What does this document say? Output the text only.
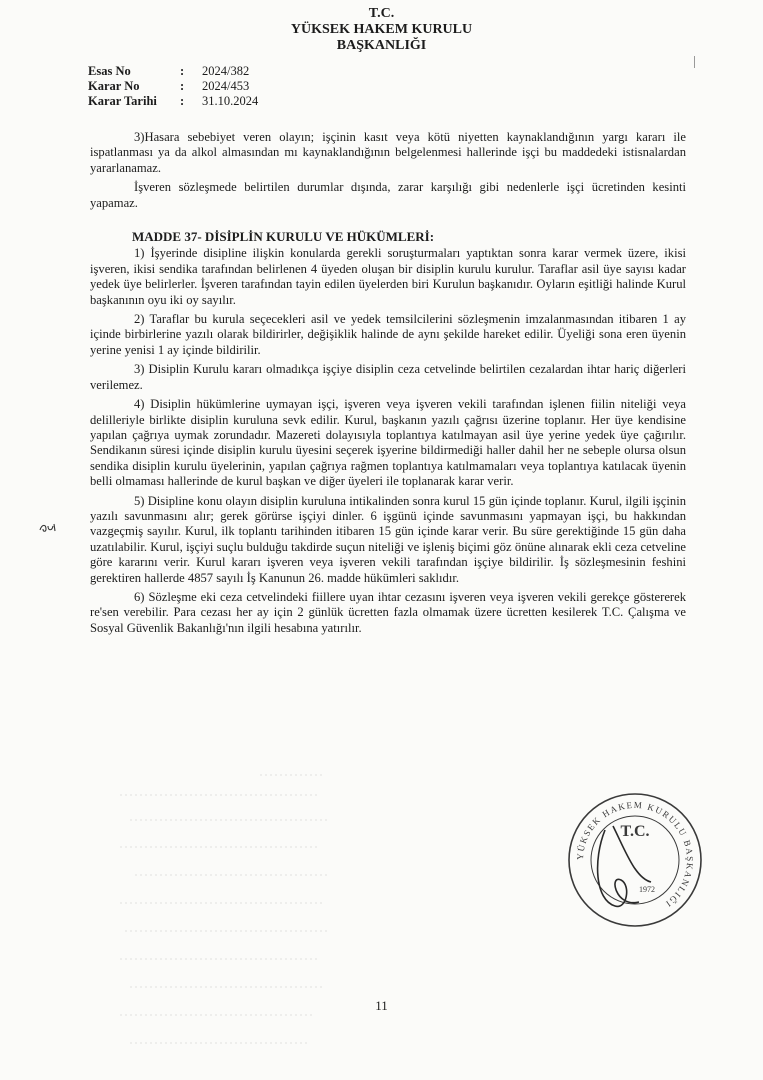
T.C.
YÜKSEK HAKEM KURULU
BAŞKANLIĞI
Esas No	:	2024/382
Karar No	:	2024/453
Karar Tarihi	:	31.10.2024

3)Hasara sebebiyet veren olayın; işçinin kasıt veya kötü niyetten kaynaklandığının yargı kararı ile ispatlanması ya da alkol almasından mı kaynaklandığının belgelenmesi hallerinde işçi bu maddedeki istisnalardan yararlanamaz.

İşveren sözleşmede belirtilen durumlar dışında, zarar karşılığı gibi nedenlerle işçi ücretinden kesinti yapamaz.

MADDE 37- DİSİPLİN KURULU VE HÜKÜMLERİ:

1) İşyerinde disipline ilişkin konularda gerekli soruşturmaları yaptıktan sonra karar vermek üzere, ikisi işveren, ikisi sendika tarafından belirlenen 4 üyeden oluşan bir disiplin kurulu kurulur. Taraflar asil üye sayısı kadar yedek üye belirlerler. İşveren tarafından tayin edilen üyelerden biri Kurulun başkanıdır. Oyların eşitliği halinde Kurul başkanının oyu iki oy sayılır.

2) Taraflar bu kurula seçecekleri asil ve yedek temsilcilerini sözleşmenin imzalanmasından itibaren 1 ay içinde birbirlerine yazılı olarak bildirirler, değişiklik halinde de aynı şekilde hareket edilir. Üyeliği sona eren üyenin yerine yenisi 1 ay içinde bildirilir.

3) Disiplin Kurulu kararı olmadıkça işçiye disiplin ceza cetvelinde belirtilen cezalardan ihtar hariç diğerleri verilemez.

4) Disiplin hükümlerine uymayan işçi, işveren veya işveren vekili tarafından işlenen fiilin niteliği veya delilleriyle birlikte disiplin kuruluna sevk edilir. Kurul, başkanın yazılı çağrısı üzerine toplanır. Her üye kendisine yapılan çağrıya uymak zorundadır. Mazereti dolayısıyla toplantıya katılmayan asil üye yerine yedek üye çağırılır. Sendikanın süresi içinde disiplin kurulu üyesini seçerek işyerine bildirmediği haller dahil her ne sebeple olursa olsun sendika disiplin kurulu üyelerinin, yapılan çağrıya rağmen toplantıya katılmamaları veya toplantıya katılacak üyenin belli olmaması hallerinde de kurul başkan ve diğer üyeleri ile toplanarak karar verir.

5) Disipline konu olayın disiplin kuruluna intikalinden sonra kurul 15 gün içinde toplanır. Kurul, ilgili işçinin yazılı savunmasını alır; gerek görürse işçiyi dinler. 6 işgünü içinde savunmasını yapmayan işçi, bu hakkından vazgeçmiş sayılır. Kurul, ilk toplantı tarihinden itibaren 15 gün içinde karar verir. Bu süre gerektiğinde 15 gün daha uzatılabilir. Kurul, işçiyi suçlu bulduğu takdirde suçun niteliği ve işleniş biçimi göz önüne alınarak ekli ceza cetveline göre kararını verir. Kurul kararı işveren veya işveren vekili tarafından işçiye bildirilir. İş sözleşmesinin feshini gerektiren hallerde 4857 sayılı İş Kanunun 26. madde hükümleri saklıdır.

6) Sözleşme eki ceza cetvelindeki fiillere uyan ihtar cezasını işveren veya işveren vekili gerekçe göstererek re'sen verebilir. Para cezası her ay için 2 günlük ücretten fazla olmamak üzere ücretten kesilerek T.C. Çalışma ve Sosyal Güvenlik Bakanlığı'nın ilgili hesabına yatırılır.

YÜKSEK HAKEM KURULU BAŞKANLIĞI
T.C.
1972
11
